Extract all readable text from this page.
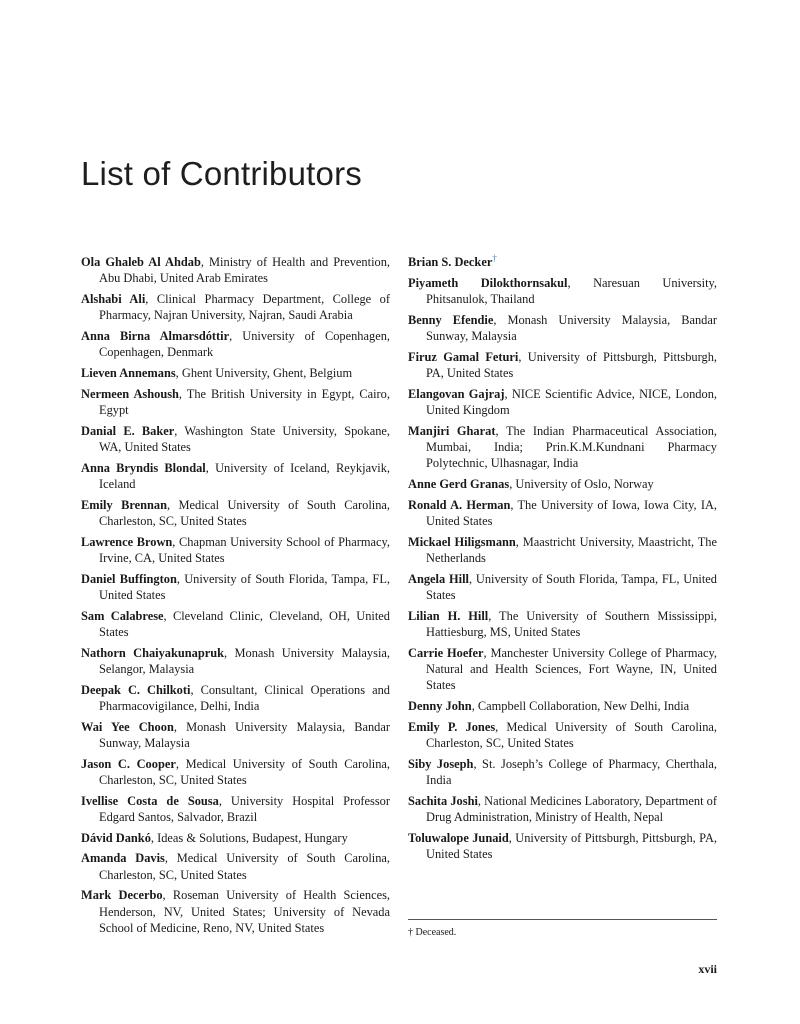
List of Contributors

Ola Ghaleb Al Ahdab, Ministry of Health and Prevention, Abu Dhabi, United Arab Emirates

Alshabi Ali, Clinical Pharmacy Department, College of Pharmacy, Najran University, Najran, Saudi Arabia

Anna Birna Almarsdóttir, University of Copenhagen, Copenhagen, Denmark

Lieven Annemans, Ghent University, Ghent, Belgium

Nermeen Ashoush, The British University in Egypt, Cairo, Egypt

Danial E. Baker, Washington State University, Spokane, WA, United States

Anna Bryndis Blondal, University of Iceland, Reykjavik, Iceland

Emily Brennan, Medical University of South Carolina, Charleston, SC, United States

Lawrence Brown, Chapman University School of Pharmacy, Irvine, CA, United States

Daniel Buffington, University of South Florida, Tampa, FL, United States

Sam Calabrese, Cleveland Clinic, Cleveland, OH, United States

Nathorn Chaiyakunapruk, Monash University Malaysia, Selangor, Malaysia

Deepak C. Chilkoti, Consultant, Clinical Operations and Pharmacovigilance, Delhi, India

Wai Yee Choon, Monash University Malaysia, Bandar Sunway, Malaysia

Jason C. Cooper, Medical University of South Carolina, Charleston, SC, United States

Ivellise Costa de Sousa, University Hospital Professor Edgard Santos, Salvador, Brazil

Dávid Dankó, Ideas & Solutions, Budapest, Hungary

Amanda Davis, Medical University of South Carolina, Charleston, SC, United States

Mark Decerbo, Roseman University of Health Sciences, Henderson, NV, United States; University of Nevada School of Medicine, Reno, NV, United States

Brian S. Decker†

Piyameth Dilokthornsakul, Naresuan University, Phitsanulok, Thailand

Benny Efendie, Monash University Malaysia, Bandar Sunway, Malaysia

Firuz Gamal Feturi, University of Pittsburgh, Pittsburgh, PA, United States

Elangovan Gajraj, NICE Scientific Advice, NICE, London, United Kingdom

Manjiri Gharat, The Indian Pharmaceutical Association, Mumbai, India; Prin.K.M.Kundnani Pharmacy Polytechnic, Ulhasnagar, India

Anne Gerd Granas, University of Oslo, Norway

Ronald A. Herman, The University of Iowa, Iowa City, IA, United States

Mickael Hiligsmann, Maastricht University, Maastricht, The Netherlands

Angela Hill, University of South Florida, Tampa, FL, United States

Lilian H. Hill, The University of Southern Mississippi, Hattiesburg, MS, United States

Carrie Hoefer, Manchester University College of Pharmacy, Natural and Health Sciences, Fort Wayne, IN, United States

Denny John, Campbell Collaboration, New Delhi, India

Emily P. Jones, Medical University of South Carolina, Charleston, SC, United States

Siby Joseph, St. Joseph’s College of Pharmacy, Cherthala, India

Sachita Joshi, National Medicines Laboratory, Department of Drug Administration, Ministry of Health, Nepal

Toluwalope Junaid, University of Pittsburgh, Pittsburgh, PA, United States

† Deceased.
xvii
